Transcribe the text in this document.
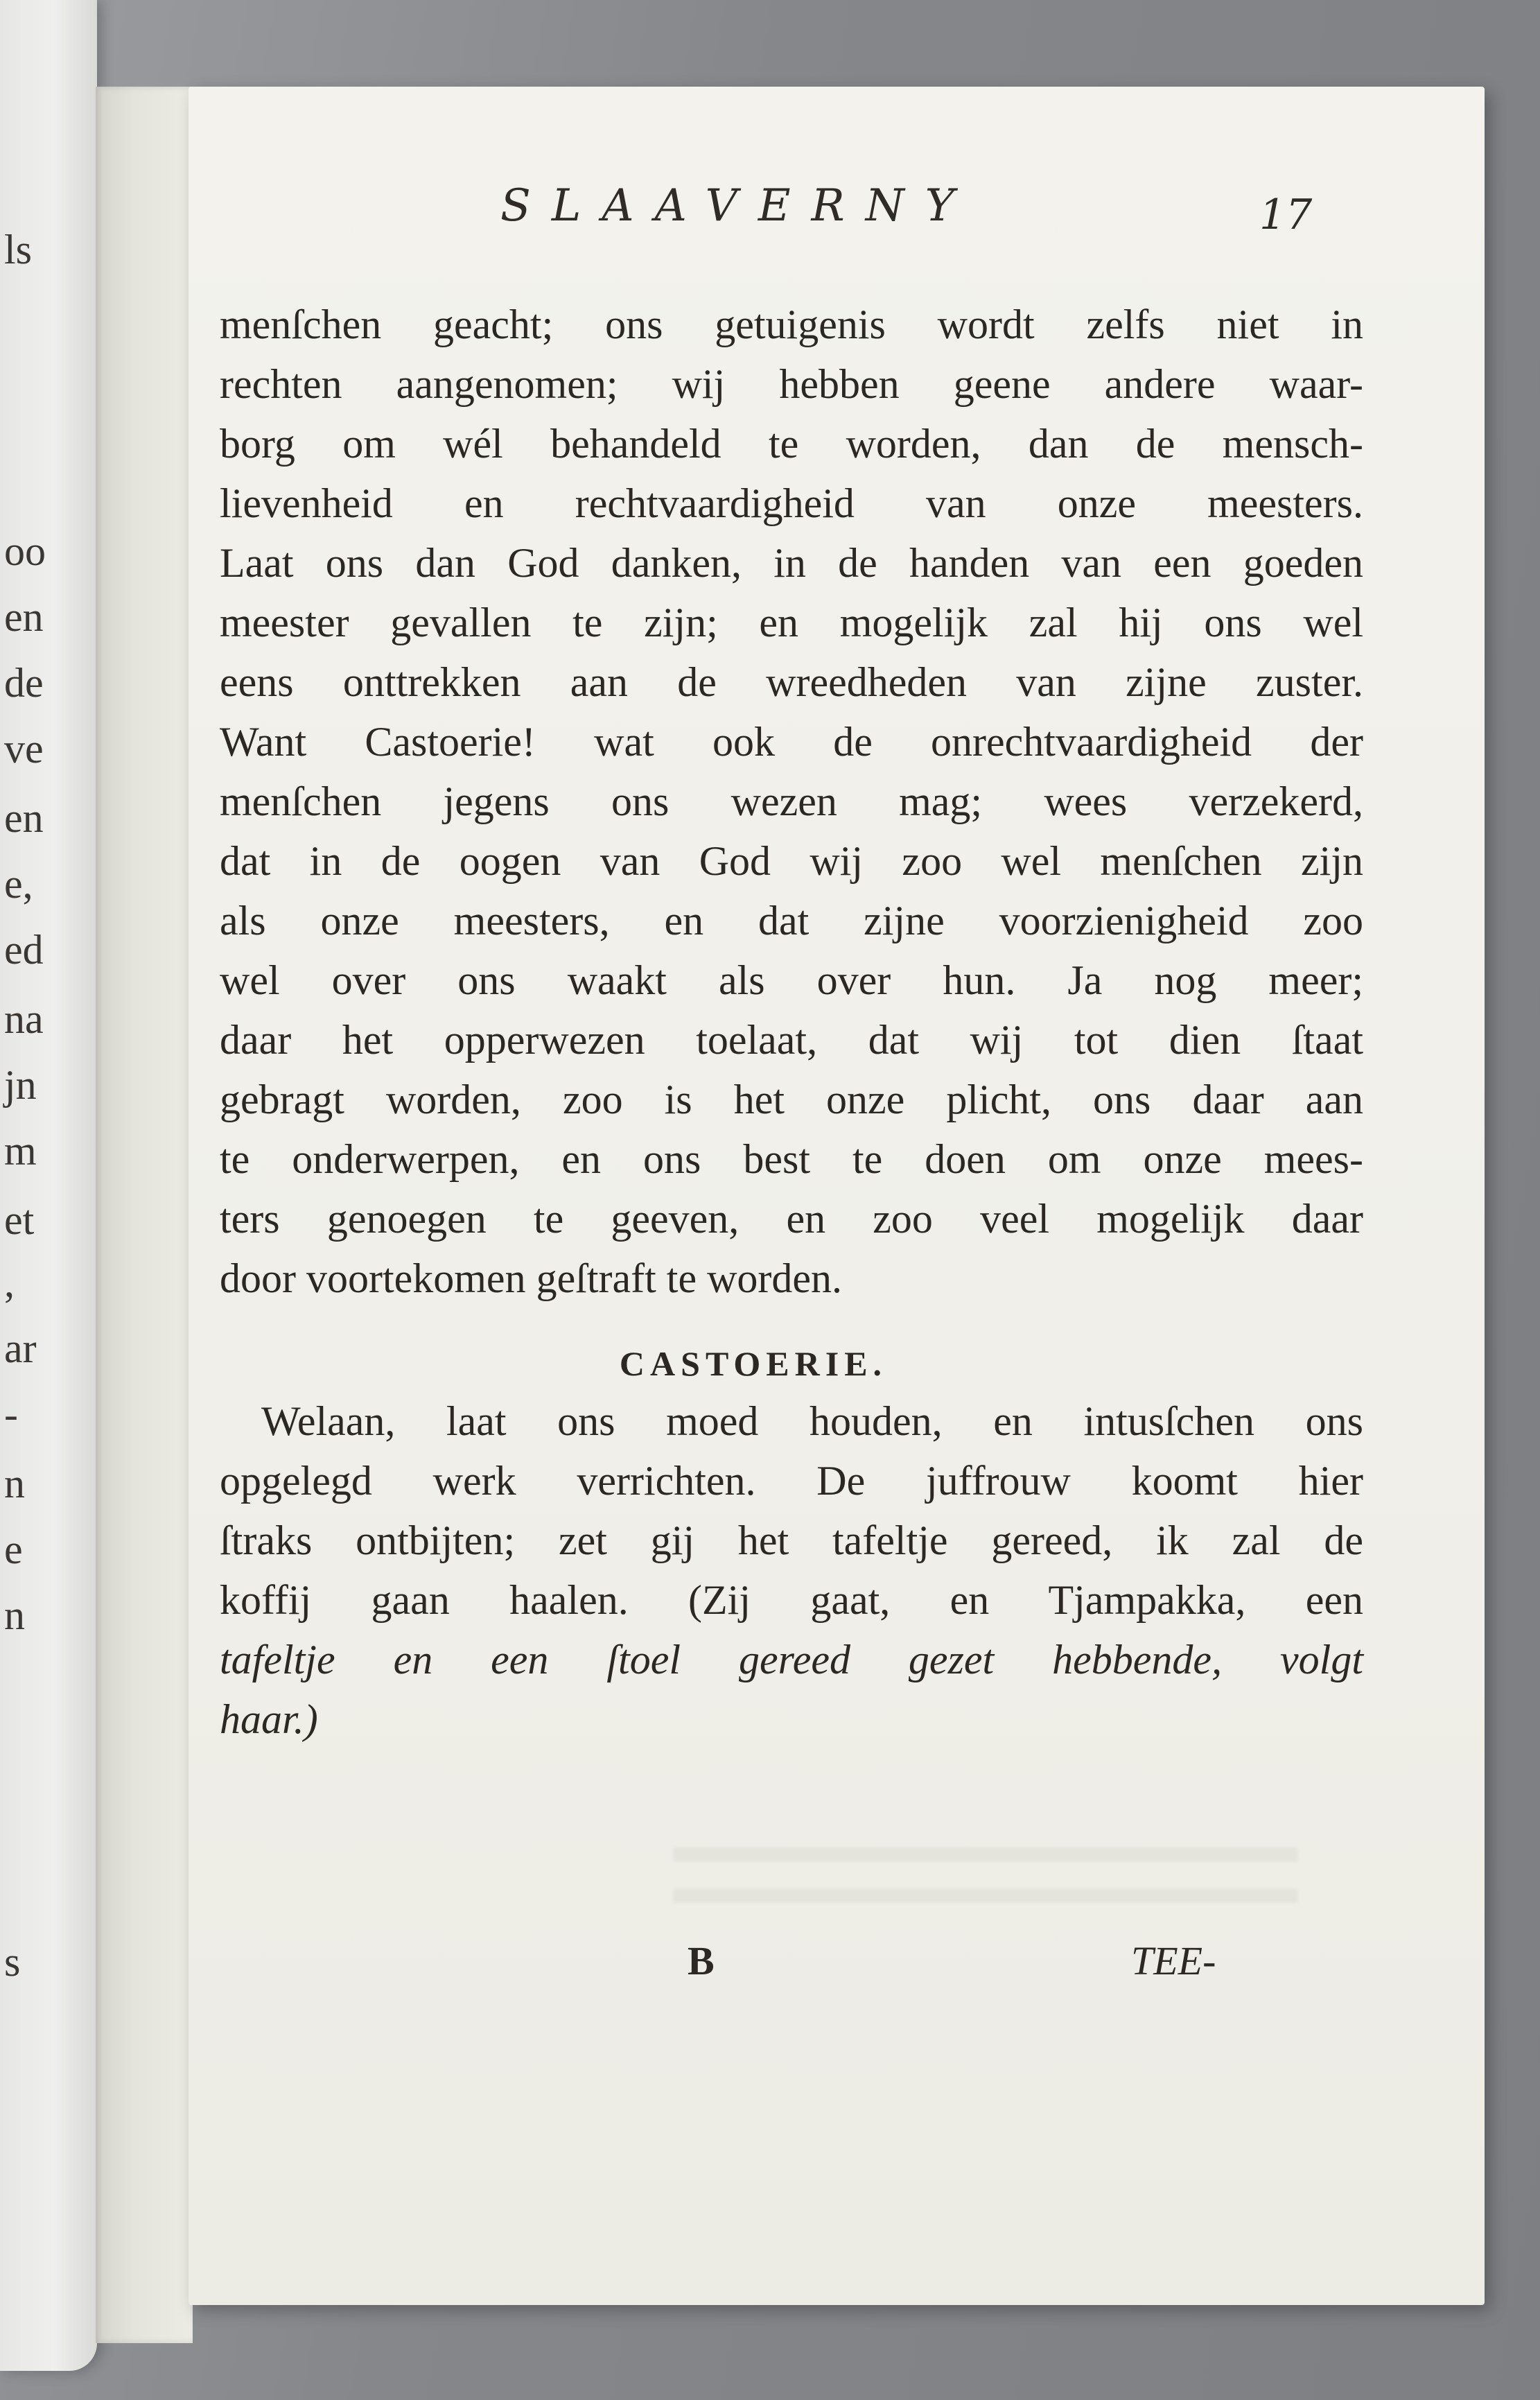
ls
oo
en
de
ve
en
e,
ed
na
jn
m
et
,
ar
-
n
e
n
s
SLAAVERNY	17
menſchen geacht; ons getuigenis wordt zelfs niet in
rechten aangenomen; wij hebben geene andere waar-
borg om wél behandeld te worden, dan de mensch-
lievenheid en rechtvaardigheid van onze meesters.
Laat ons dan God danken, in de handen van een goeden
meester gevallen te zijn; en mogelijk zal hij ons wel
eens onttrekken aan de wreedheden van zijne zuster.
Want Castoerie! wat ook de onrechtvaardigheid der
menſchen jegens ons wezen mag; wees verzekerd,
dat in de oogen van God wij zoo wel menſchen zijn
als onze meesters, en dat zijne voorzienigheid zoo
wel over ons waakt als over hun. Ja nog meer;
daar het opperwezen toelaat, dat wij tot dien ſtaat
gebragt worden, zoo is het onze plicht, ons daar aan
te onderwerpen, en ons best te doen om onze mees-
ters genoegen te geeven, en zoo veel mogelijk daar
door voortekomen geſtraft te worden.
CASTOERIE.
Welaan, laat ons moed houden, en intusſchen ons
opgelegd werk verrichten. De juffrouw koomt hier
ſtraks ontbijten; zet gij het tafeltje gereed, ik zal de
koffij gaan haalen. (Zij gaat, en Tjampakka, een
tafeltje en een ſtoel gereed gezet hebbende, volgt
haar.)
B	TEE-
